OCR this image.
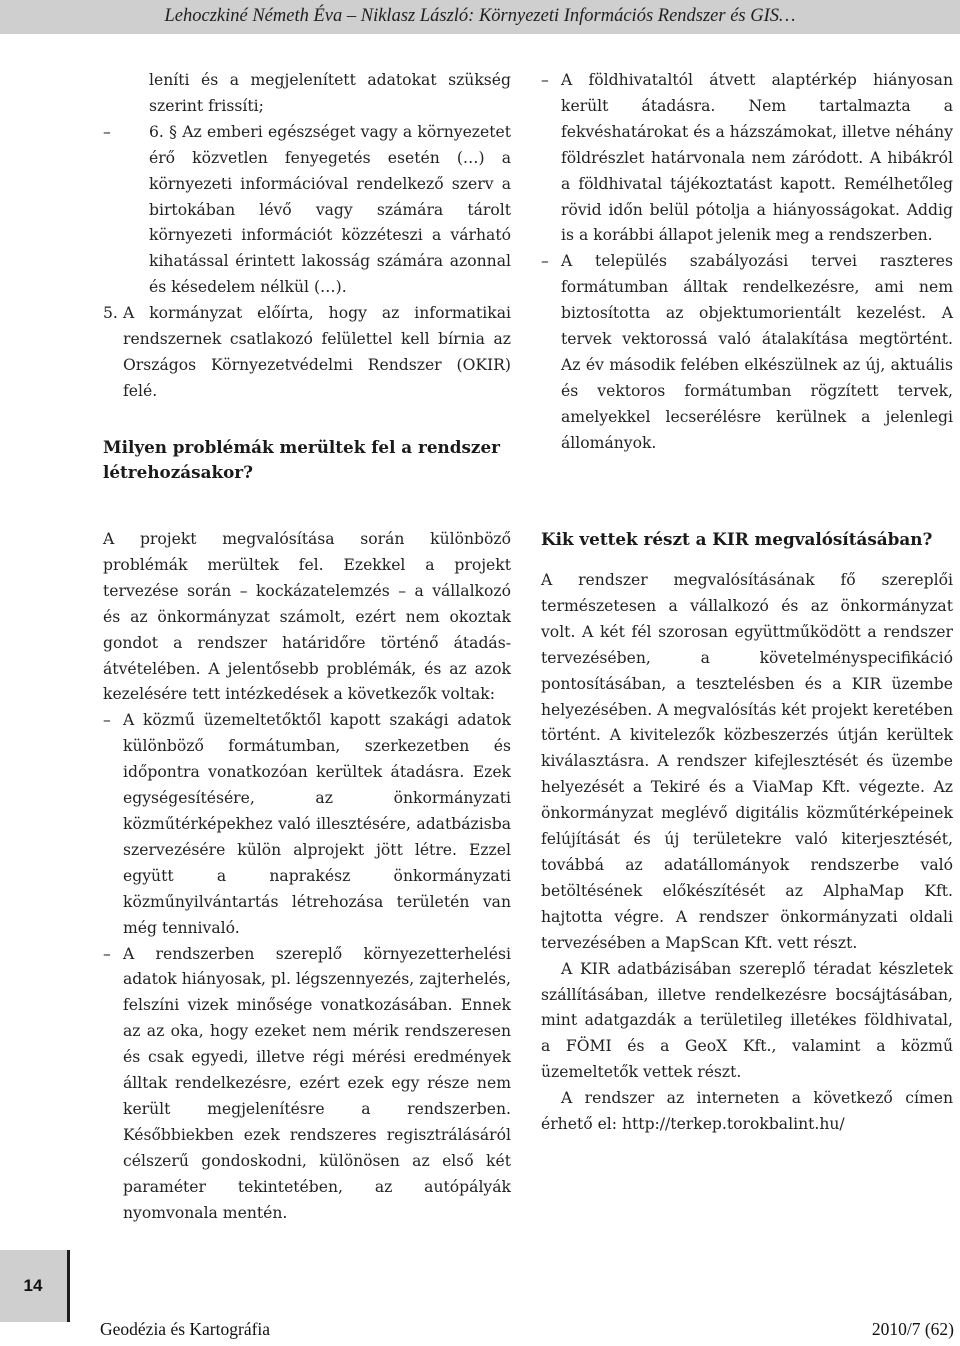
Lehoczkiné Németh Éva – Niklasz László: Környezeti Információs Rendszer és GIS…
leníti és a megjelenített adatokat szükség szerint frissíti;
–	6. § Az emberi egészséget vagy a környezetet érő közvetlen fenyegetés esetén (…) a környezeti információval rendelkező szerv a birtokában lévő vagy számára tárolt környezeti információt közzéteszi a várható kihatással érintett lakosság számára azonnal és késedelem nélkül (…).
5. A kormányzat előírta, hogy az informatikai rendszernek csatlakozó felülettel kell bírnia az Országos Környezetvédelmi Rendszer (OKIR) felé.
Milyen problémák merültek fel a rendszer létrehozásakor?

A projekt megvalósítása során különböző problémák merültek fel. Ezekkel a projekt tervezése során – kockázatelemzés – a vállalkozó és az önkormányzat számolt, ezért nem okoztak gondot a rendszer határidőre történő átadás-átvételében. A jelentősebb problémák, és az azok kezelésére tett intézkedések a következők voltak:

– A közmű üzemeltetőktől kapott szakági adatok különböző formátumban, szerkezetben és időpontra vonatkozóan kerültek átadásra. Ezek egységesítésére, az önkormányzati közműtérképekhez való illesztésére, adatbázisba szervezésére külön alprojekt jött létre. Ezzel együtt a naprakész önkormányzati közműnyilvántartás létrehozása területén van még tennivaló.
– A rendszerben szereplő környezetterhelési adatok hiányosak, pl. légszennyezés, zajterhelés, felszíni vizek minősége vonatkozásában. Ennek az az oka, hogy ezeket nem mérik rendszeresen és csak egyedi, illetve régi mérési eredmények álltak rendelkezésre, ezért ezek egy része nem került megjelenítésre a rendszerben. Későbbiekben ezek rendszeres regisztrálásáról célszerű gondoskodni, különösen az első két paraméter tekintetében, az autópályák nyomvonala mentén.
– A földhivataltól átvett alaptérkép hiányosan került átadásra. Nem tartalmazta a fekvéshatárokat és a házszámokat, illetve néhány földrészlet határvonala nem záródott. A hibákról a földhivatal tájékoztatást kapott. Remélhetőleg rövid időn belül pótolja a hiányosságokat. Addig is a korábbi állapot jelenik meg a rendszerben.
– A település szabályozási tervei raszteres formátumban álltak rendelkezésre, ami nem biztosította az objektumorientált kezelést. A tervek vektorossá való átalakítása megtörtént. Az év második felében elkészülnek az új, aktuális és vektoros formátumban rögzített tervek, amelyekkel lecserélésre kerülnek a jelenlegi állományok.
Kik vettek részt a KIR megvalósításában?

A rendszer megvalósításának fő szereplői természetesen a vállalkozó és az önkormányzat volt. A két fél szorosan együttműködött a rendszer tervezésében, a követelményspecifikáció pontosításában, a tesztelésben és a KIR üzembe helyezésében. A megvalósítás két projekt keretében történt. A kivitelezők közbeszerzés útján kerültek kiválasztásra. A rendszer kifejlesztését és üzembe helyezését a Tekiré és a ViaMap Kft. végezte. Az önkormányzat meglévő digitális közműtérképeinek felújítását és új területekre való kiterjesztését, továbbá az adatállományok rendszerbe való betöltésének előkészítését az AlphaMap Kft. hajtotta végre. A rendszer önkormányzati oldali tervezésében a MapScan Kft. vett részt.

A KIR adatbázisában szereplő téradat készletek szállításában, illetve rendelkezésre bocsájtásában, mint adatgazdák a területileg illetékes földhivatal, a FÖMI és a GeoX Kft., valamint a közmű üzemeltetők vettek részt.

A rendszer az interneten a következő címen érhető el: http://terkep.torokbalint.hu/

14
Geodézia és Kartográfia	2010/7 (62)
